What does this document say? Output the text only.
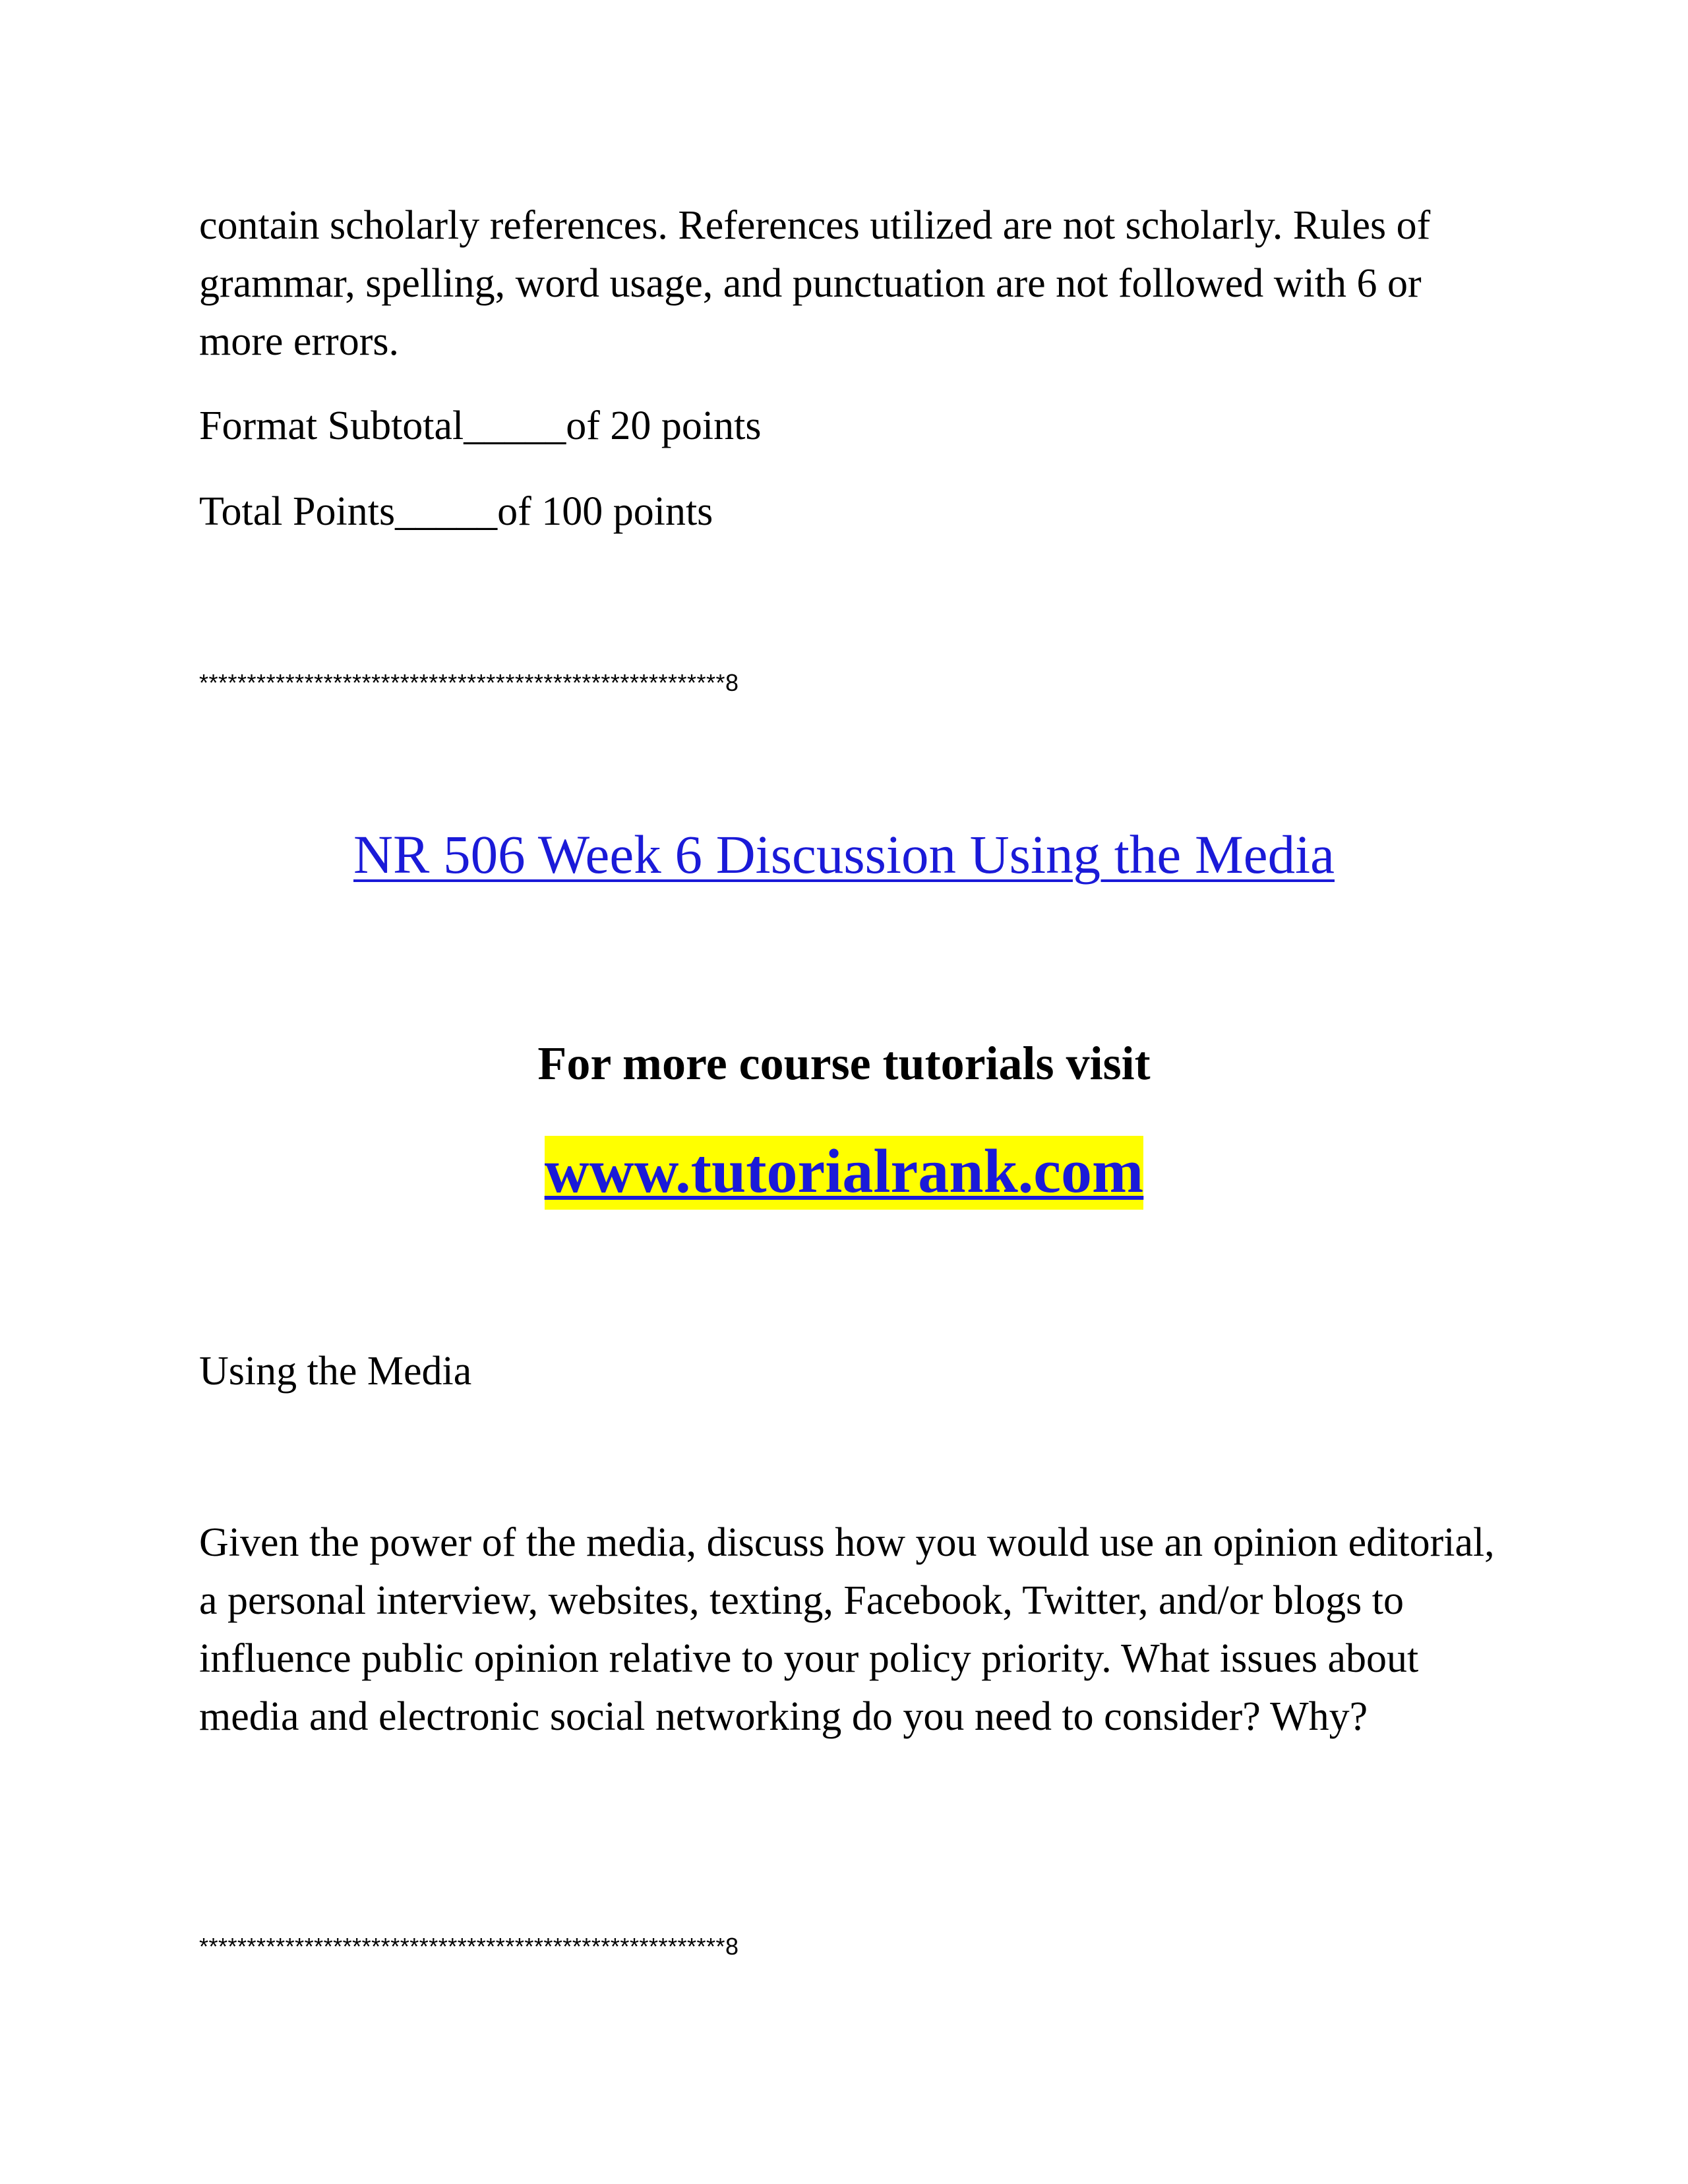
contain scholarly references. References utilized are not scholarly. Rules of grammar, spelling, word usage, and punctuation are not followed with 6 or more errors.

Format Subtotal_____of 20 points

Total Points_____of 100 points

*******************************************************8

NR 506 Week 6 Discussion Using the Media

For more course tutorials visit

www.tutorialrank.com

Using the Media

Given the power of the media, discuss how you would use an opinion editorial, a personal interview, websites, texting, Facebook, Twitter, and/or blogs to influence public opinion relative to your policy priority. What issues about media and electronic social networking do you need to consider? Why?

*******************************************************8
